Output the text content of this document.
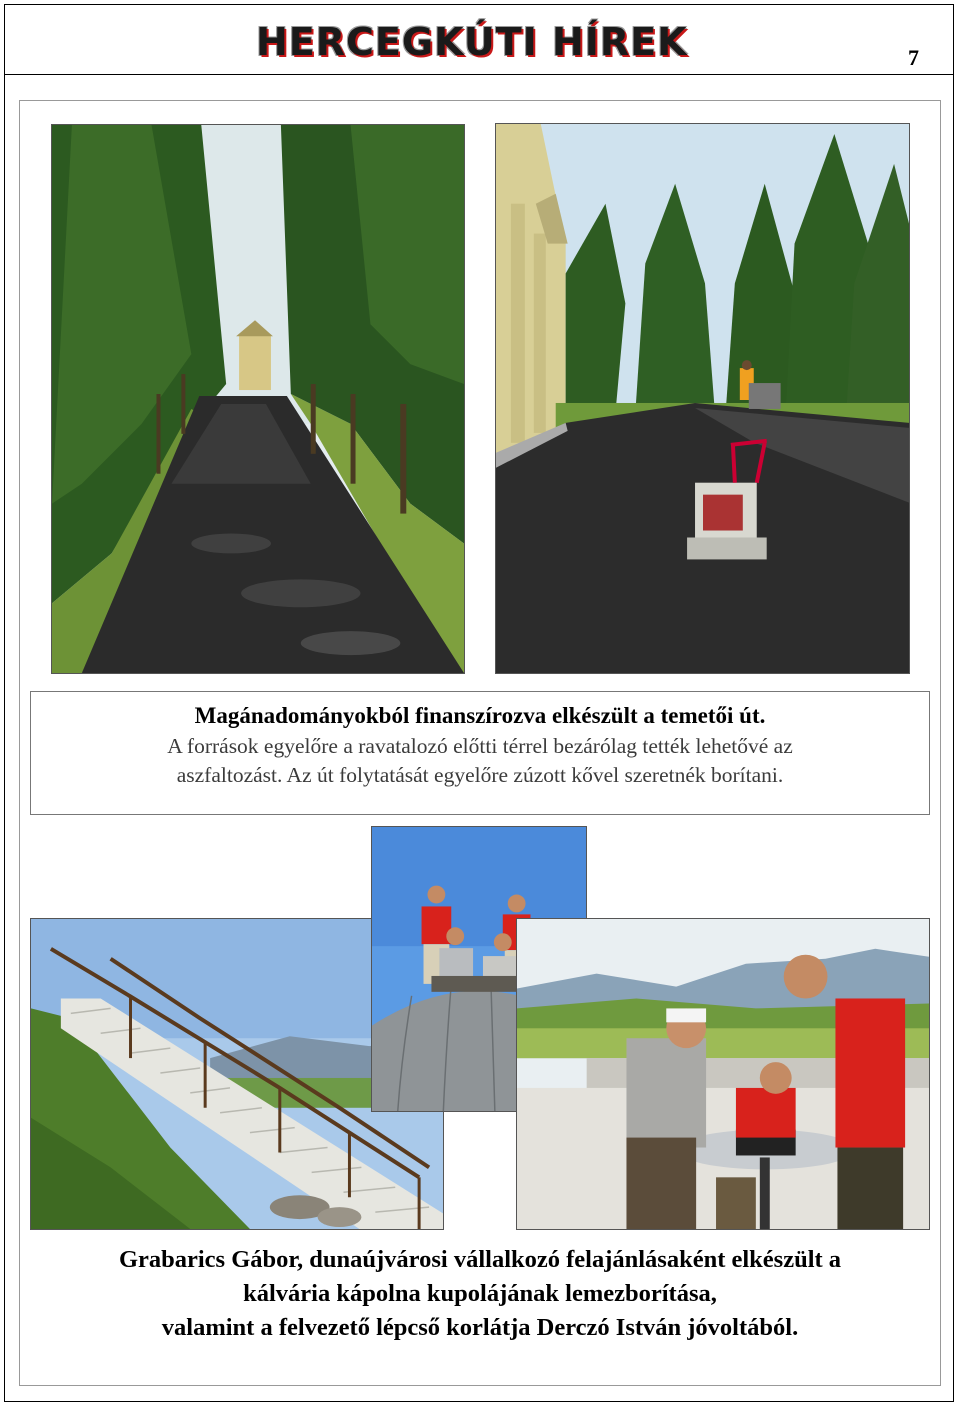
HERCEGKÚTI HÍREK	7
Magánadományokból finanszírozva elkészült a temetői út.
A források egyelőre a ravatalozó előtti térrel bezárólag tették lehetővé az
aszfaltozást. Az út folytatását egyelőre zúzott kővel szeretnék borítani.
Grabarics Gábor, dunaújvárosi vállalkozó felajánlásaként elkészült a
kálvária kápolna kupolájának lemezborítása,
valamint a felvezető lépcső korlátja Derczó István jóvoltából.
